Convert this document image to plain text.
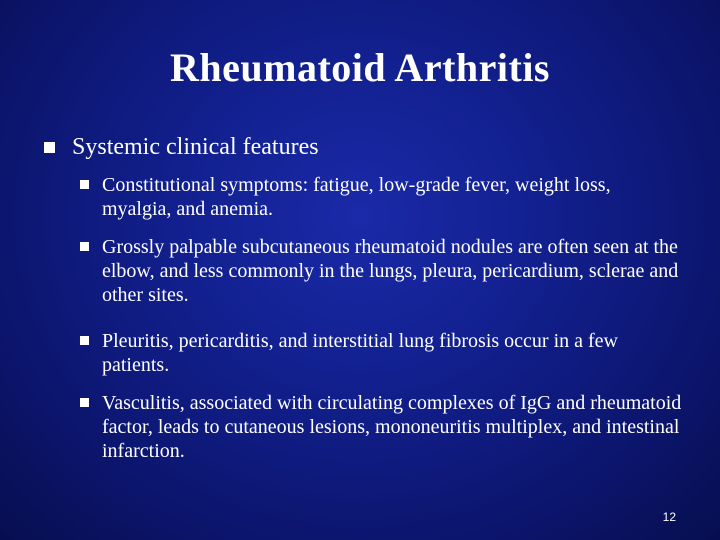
Rheumatoid Arthritis
Systemic clinical features
Constitutional symptoms: fatigue, low-grade fever, weight loss, myalgia, and anemia.
Grossly palpable subcutaneous rheumatoid nodules are often seen at the elbow, and less commonly in the lungs, pleura, pericardium, sclerae and other sites.
Pleuritis, pericarditis, and interstitial lung fibrosis occur in a few patients.
Vasculitis, associated with circulating complexes of IgG and rheumatoid factor, leads to cutaneous lesions, mononeuritis multiplex, and intestinal infarction.
12
